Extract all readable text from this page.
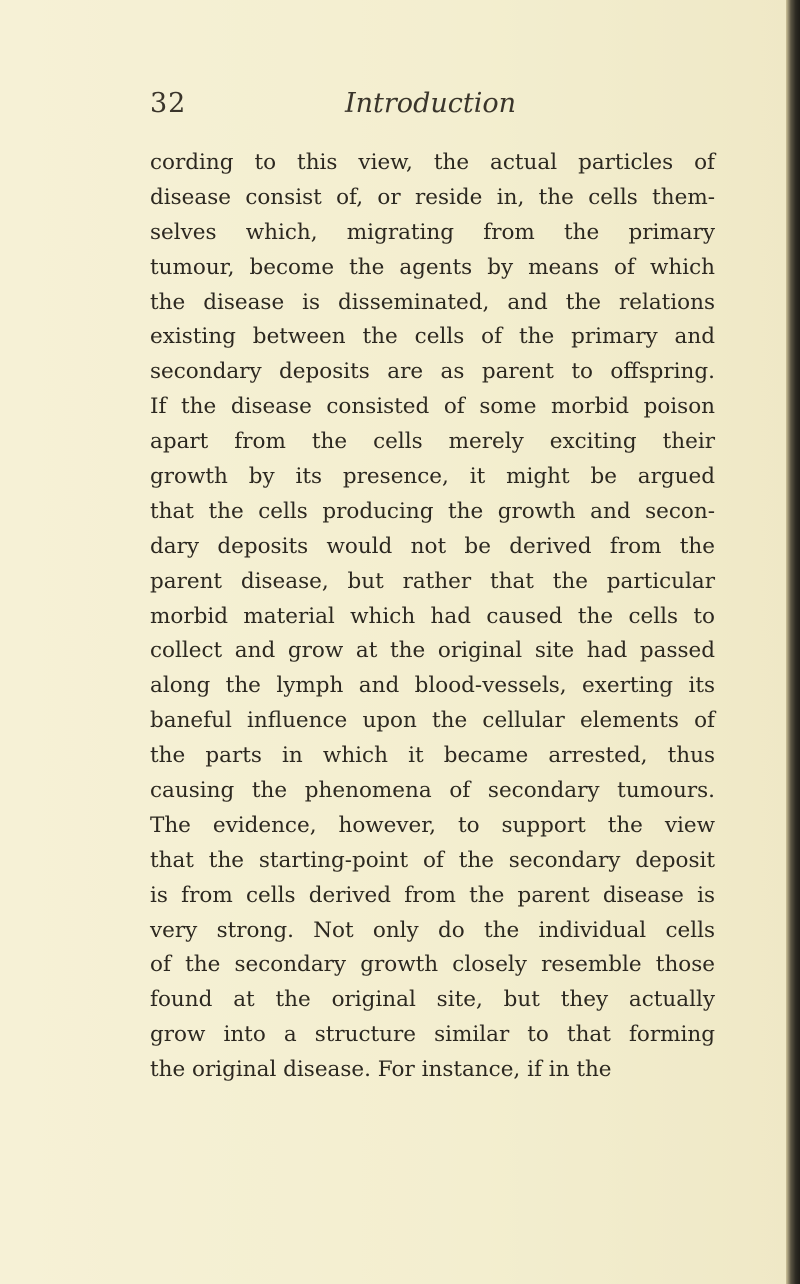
32	Introduction
cording to this view, the actual particles of
disease consist of, or reside in, the cells them-
selves which, migrating from the primary
tumour, become the agents by means of which
the disease is disseminated, and the relations
existing between the cells of the primary and
secondary deposits are as parent to offspring.
If the disease consisted of some morbid poison
apart from the cells merely exciting their
growth by its presence, it might be argued
that the cells producing the growth and secon-
dary deposits would not be derived from the
parent disease, but rather that the particular
morbid material which had caused the cells to
collect and grow at the original site had passed
along the lymph and blood-vessels, exerting its
baneful influence upon the cellular elements of
the parts in which it became arrested, thus
causing the phenomena of secondary tumours.
The evidence, however, to support the view
that the starting-point of the secondary deposit
is from cells derived from the parent disease is
very strong. Not only do the individual cells
of the secondary growth closely resemble those
found at the original site, but they actually
grow into a structure similar to that forming
the original disease. For instance, if in the
